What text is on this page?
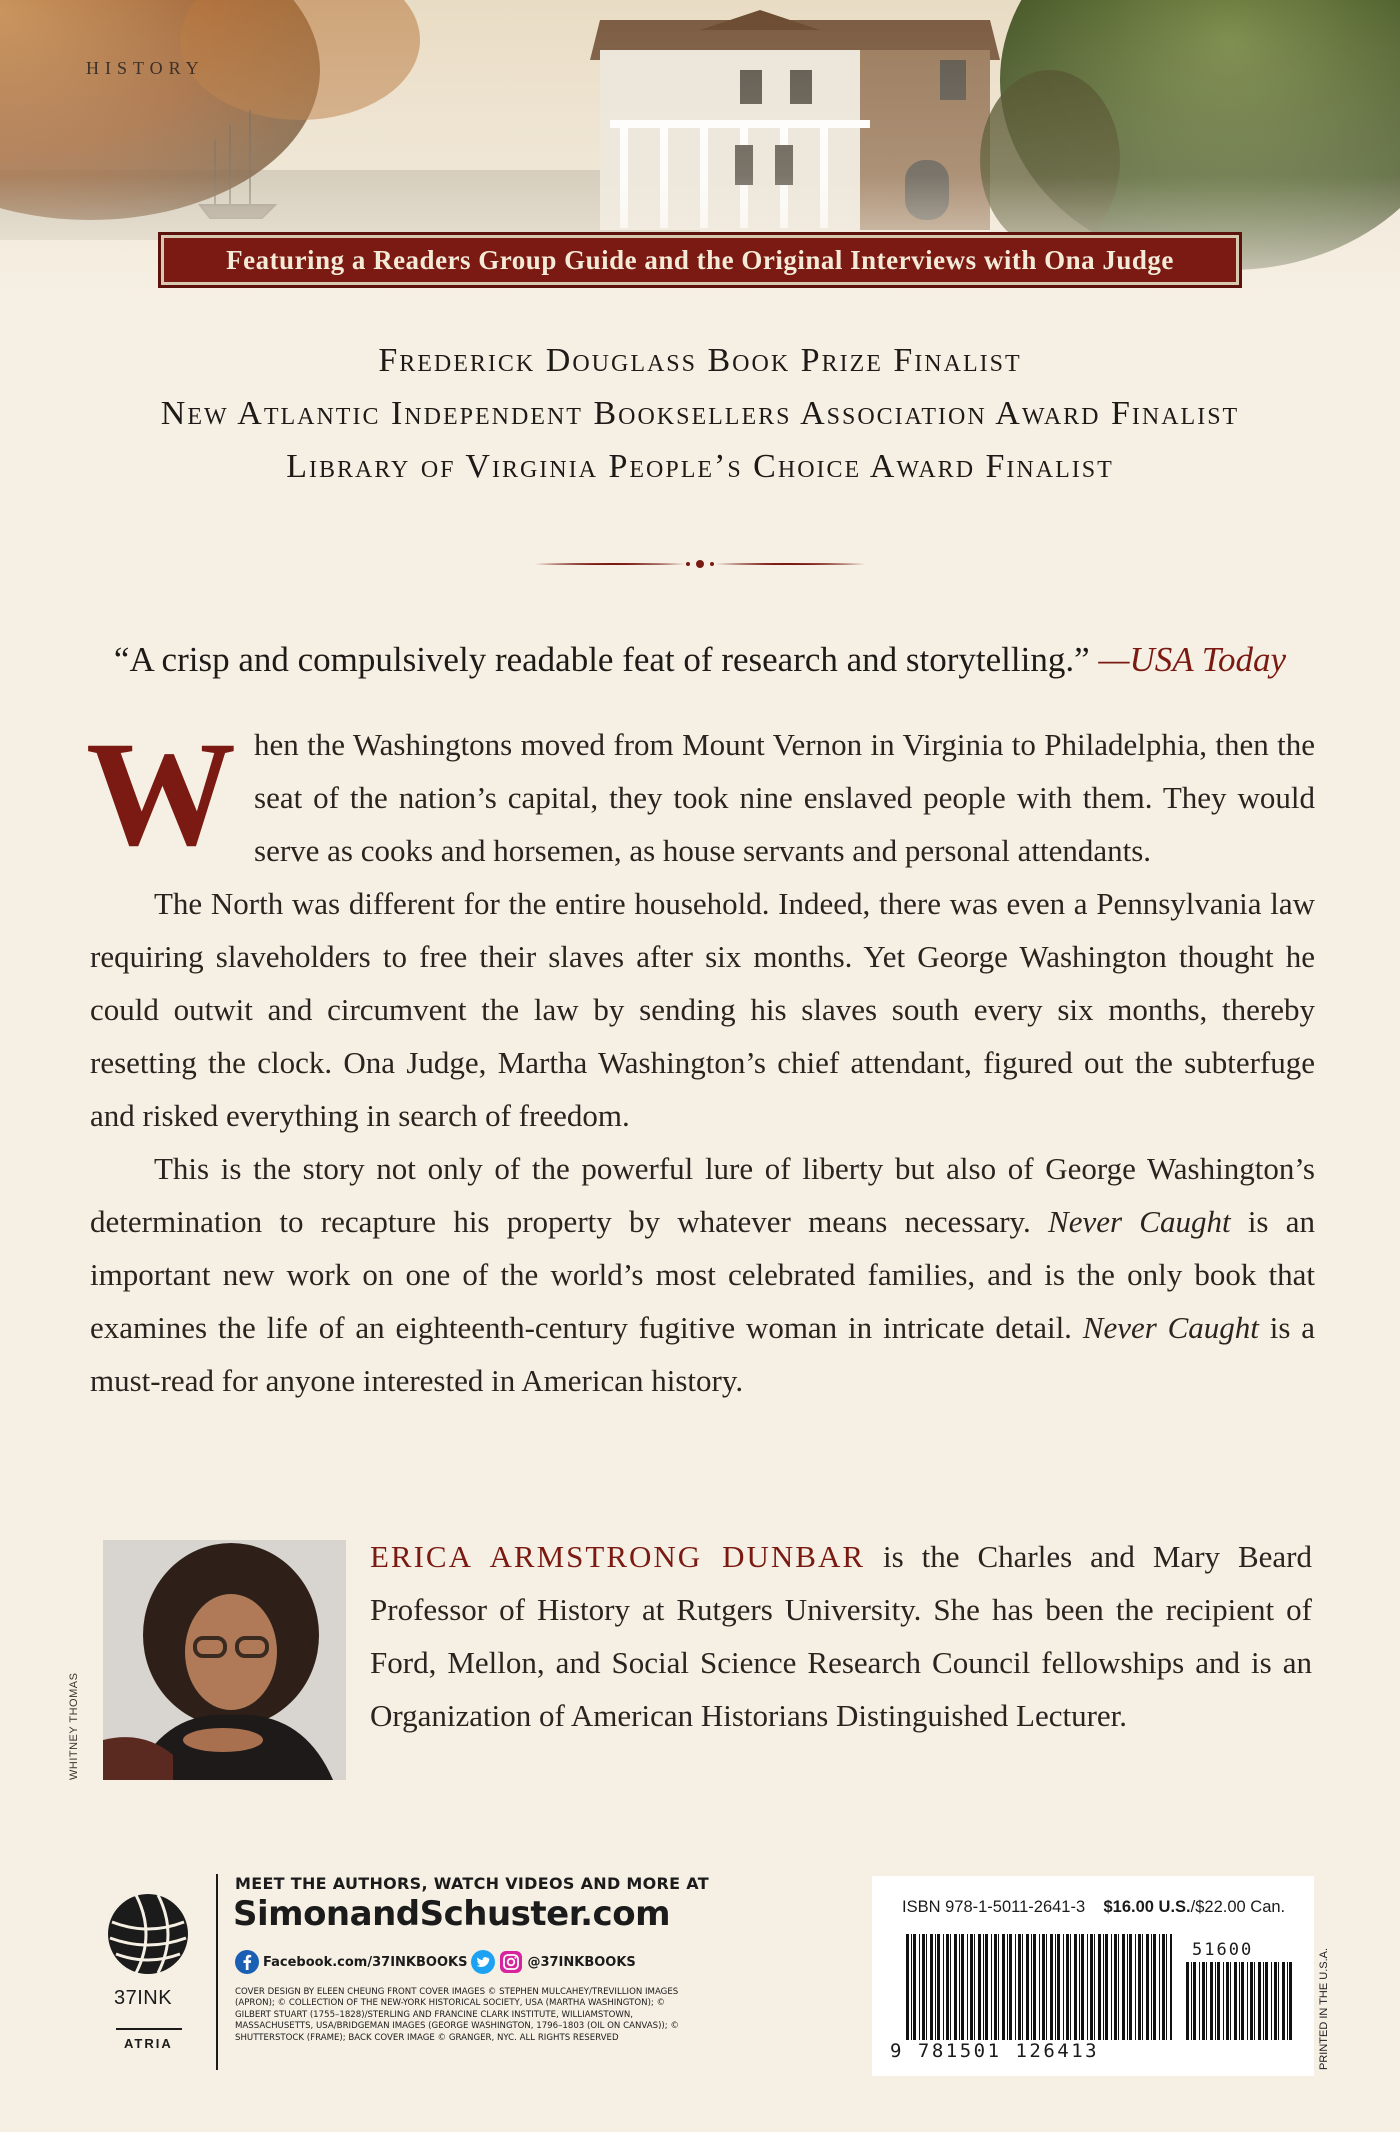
HISTORY
Featuring a Readers Group Guide and the Original Interviews with Ona Judge
Frederick Douglass Book Prize Finalist
New Atlantic Independent Booksellers Association Award Finalist
Library of Virginia People’s Choice Award Finalist
“A crisp and compulsively readable feat of research and storytelling.” —USA Today

When the Washingtons moved from Mount Vernon in Virginia to Philadelphia, then the seat of the nation’s capital, they took nine enslaved people with them. They would serve as cooks and horsemen, as house servants and personal attendants.

The North was different for the entire household. Indeed, there was even a Pennsylvania law requiring slaveholders to free their slaves after six months. Yet George Washington thought he could outwit and circumvent the law by sending his slaves south every six months, thereby resetting the clock. Ona Judge, Martha Washington’s chief attendant, figured out the subterfuge and risked everything in search of freedom.

This is the story not only of the powerful lure of liberty but also of George Washington’s determination to recapture his property by whatever means necessary. Never Caught is an important new work on one of the world’s most celebrated families, and is the only book that examines the life of an eighteenth-century fugitive woman in intricate detail. Never Caught is a must-read for anyone interested in American history.

WHITNEY THOMAS
ERICA ARMSTRONG DUNBAR is the Charles and Mary Beard Professor of History at Rutgers University. She has been the recipient of Ford, Mellon, and Social Science Research Council fellowships and is an Organization of American Historians Distinguished Lecturer.
37INK
ATRIA
MEET THE AUTHORS, WATCH VIDEOS AND MORE AT
SimonandSchuster.com
Facebook.com/37INKBOOKS	@37INKBOOKS
COVER DESIGN BY ELEEN CHEUNG FRONT COVER IMAGES © STEPHEN MULCAHEY/TREVILLION IMAGES (APRON); © COLLECTION OF THE NEW-YORK HISTORICAL SOCIETY, USA (MARTHA WASHINGTON); © GILBERT STUART (1755–1828)/STERLING AND FRANCINE CLARK INSTITUTE, WILLIAMSTOWN, MASSACHUSETTS, USA/BRIDGEMAN IMAGES (GEORGE WASHINGTON, 1796–1803 (OIL ON CANVAS)); © SHUTTERSTOCK (FRAME); BACK COVER IMAGE © GRANGER, NYC. ALL RIGHTS RESERVED
ISBN 978-1-5011-2641-3 $16.00 U.S./$22.00 Can.
51600
9 781501 126413	PRINTED IN THE U.S.A.
